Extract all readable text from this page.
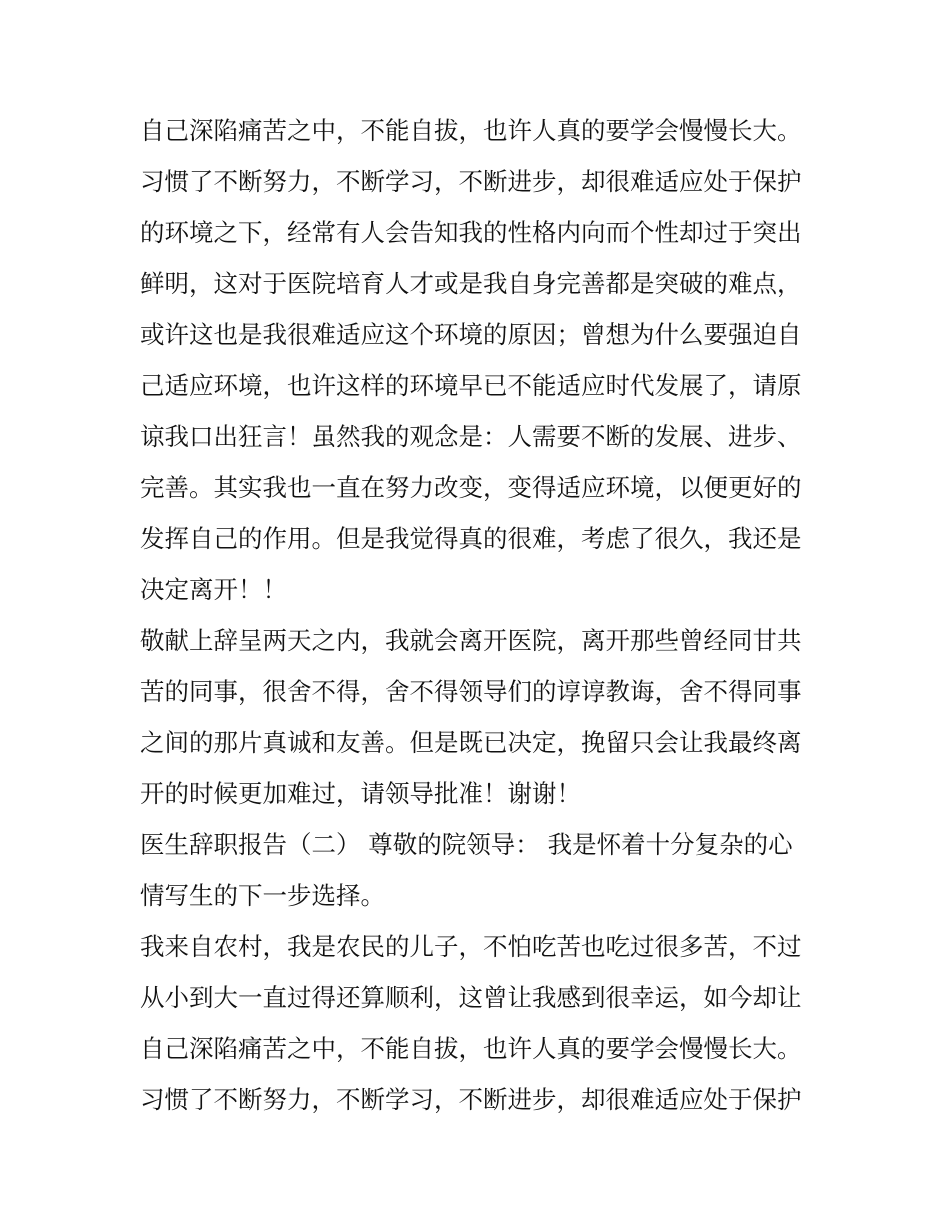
自己深陷痛苦之中，不能自拔，也许人真的要学会慢慢长大。
习惯了不断努力，不断学习，不断进步，却很难适应处于保护
的环境之下，经常有人会告知我的性格内向而个性却过于突出
鲜明，这对于医院培育人才或是我自身完善都是突破的难点，
或许这也是我很难适应这个环境的原因；曾想为什么要强迫自
己适应环境，也许这样的环境早已不能适应时代发展了，请原
谅我口出狂言！虽然我的观念是：人需要不断的发展、进步、
完善。其实我也一直在努力改变，变得适应环境，以便更好的
发挥自己的作用。但是我觉得真的很难，考虑了很久，我还是
决定离开！！
敬献上辞呈两天之内，我就会离开医院，离开那些曾经同甘共
苦的同事，很舍不得，舍不得领导们的谆谆教诲，舍不得同事
之间的那片真诚和友善。但是既已决定，挽留只会让我最终离
开的时候更加难过，请领导批准！谢谢！
医生辞职报告（二） 尊敬的院领导： 我是怀着十分复杂的心
情写生的下一步选择。
我来自农村，我是农民的儿子，不怕吃苦也吃过很多苦，不过
从小到大一直过得还算顺利，这曾让我感到很幸运，如今却让
自己深陷痛苦之中，不能自拔，也许人真的要学会慢慢长大。
习惯了不断努力，不断学习，不断进步，却很难适应处于保护
